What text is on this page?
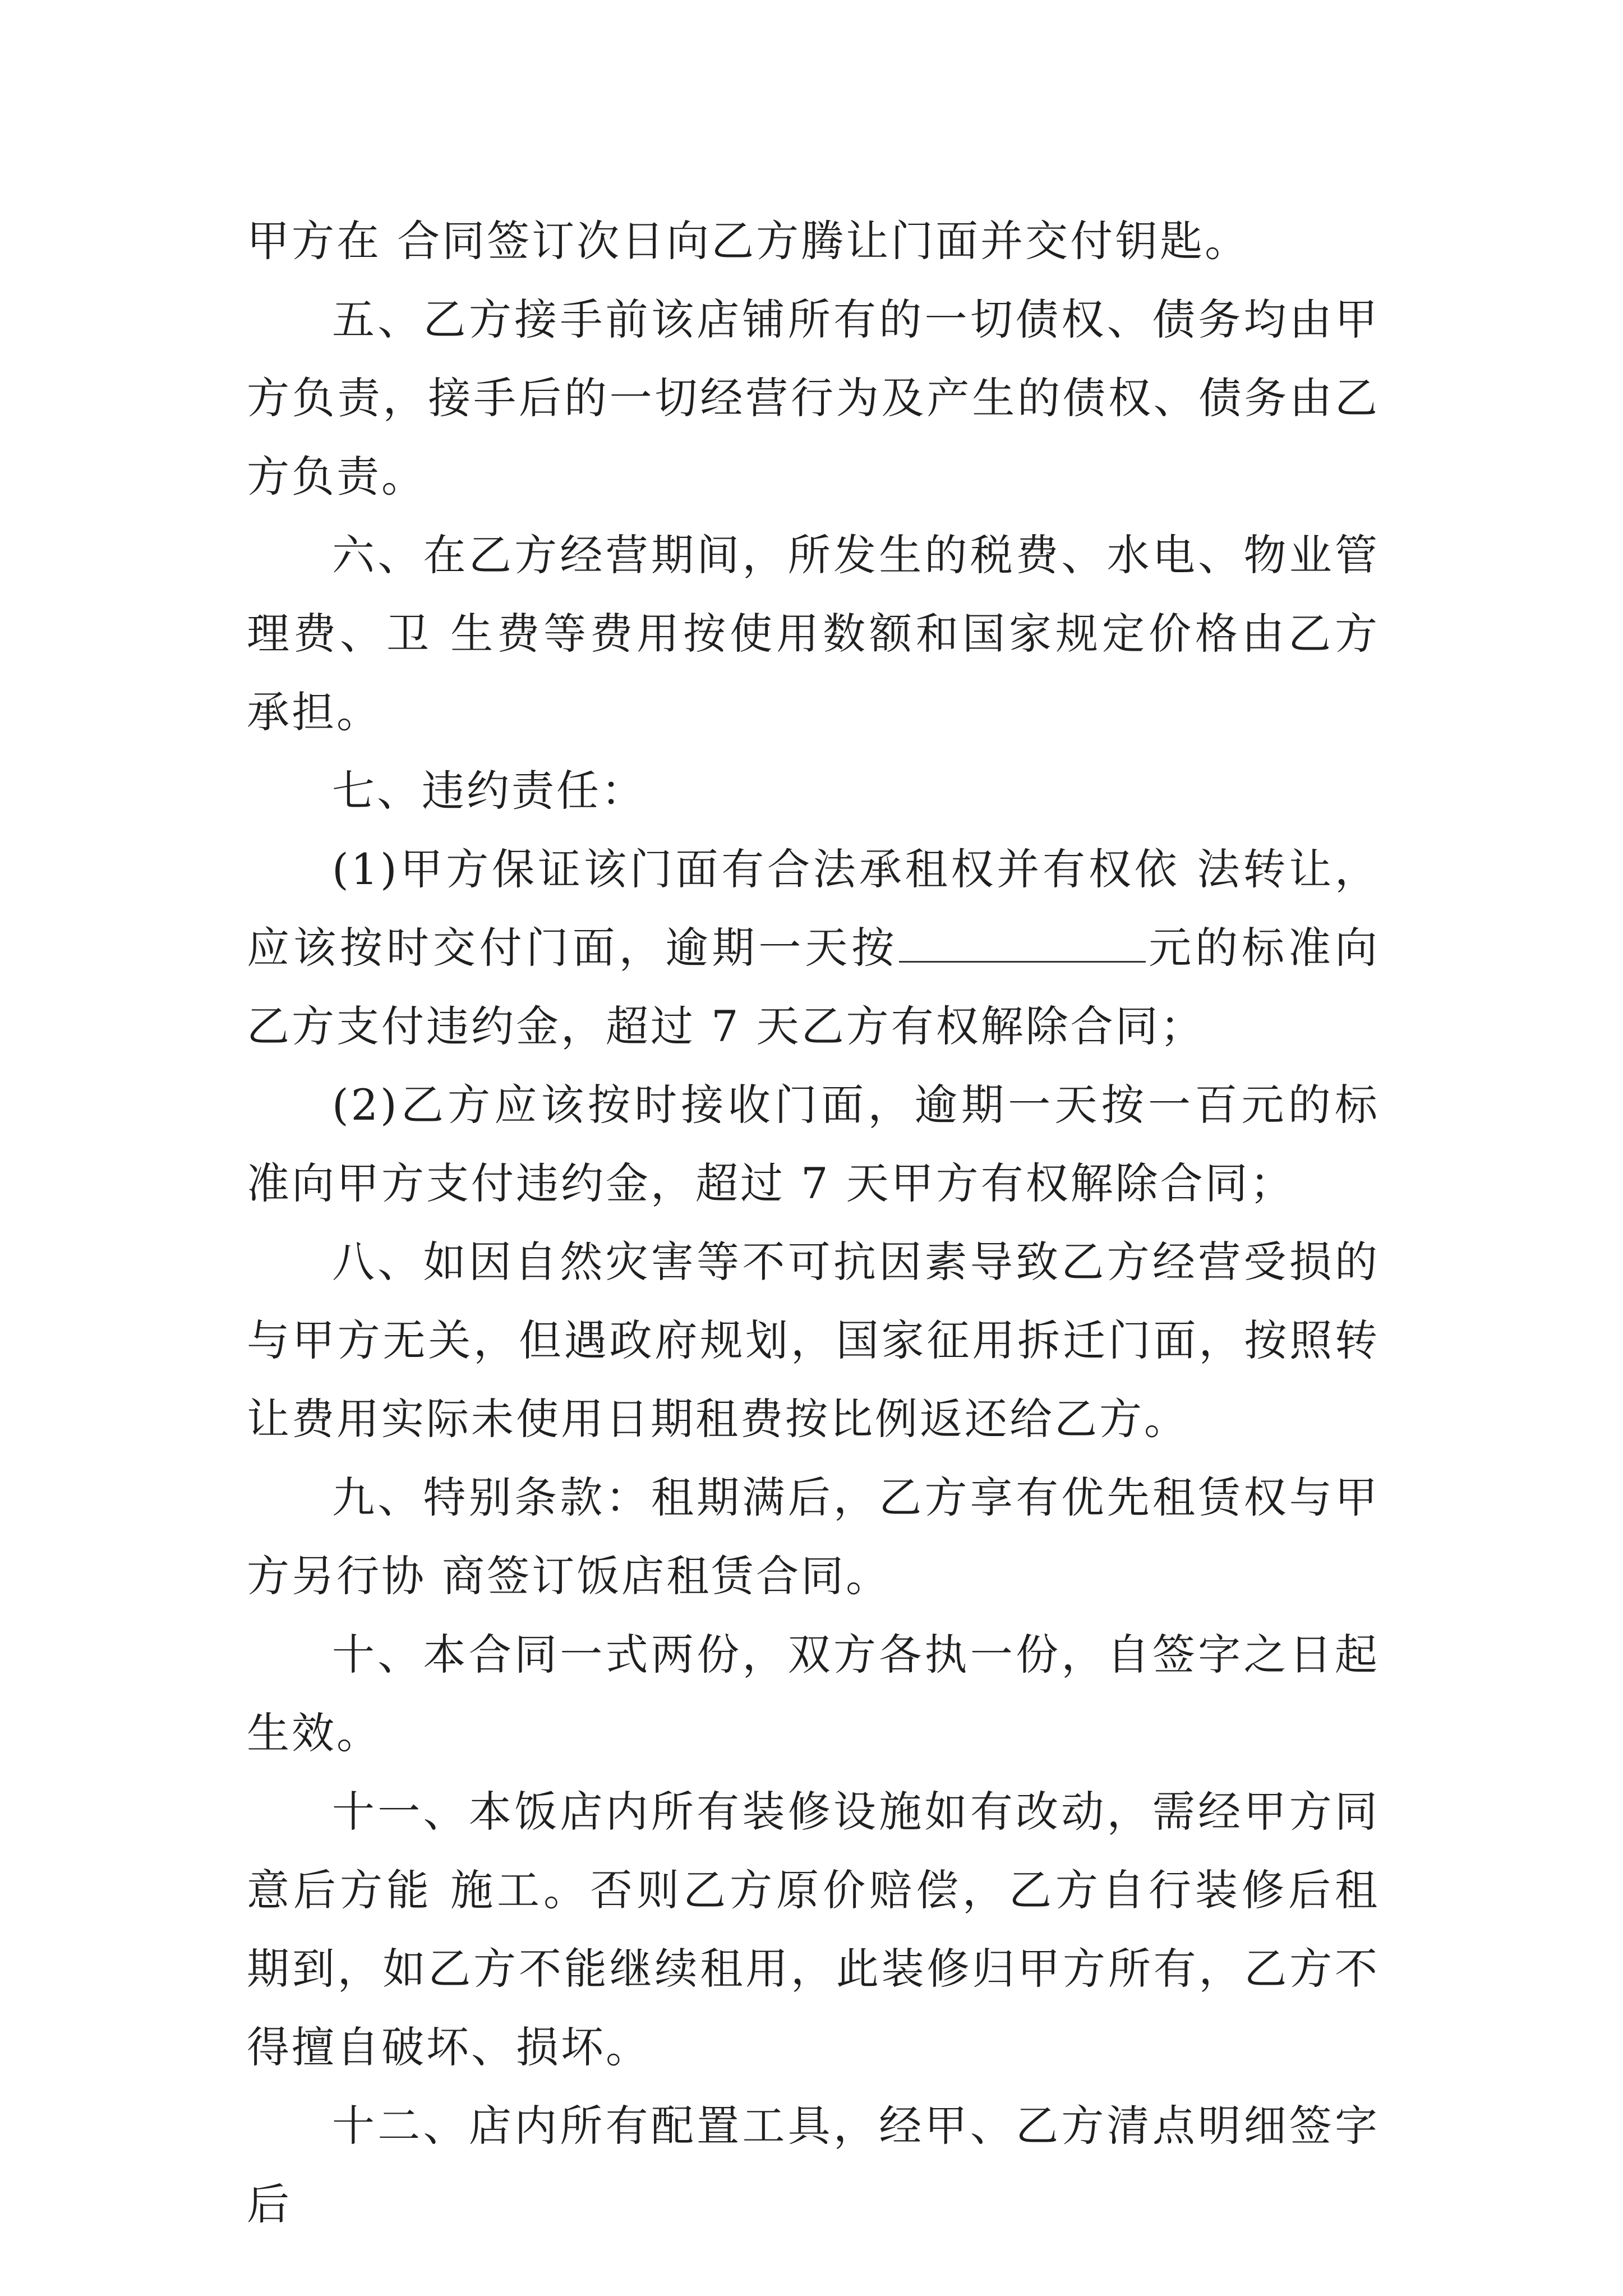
甲方在 合同签订次日向乙方腾让门面并交付钥匙。

五、乙方接手前该店铺所有的一切债权、债务均由甲方负责，接手后的一切经营行为及产生的债权、债务由乙方负责。

六、在乙方经营期间，所发生的税费、水电、物业管理费、卫 生费等费用按使用数额和国家规定价格由乙方承担。

七、违约责任：

(1)甲方保证该门面有合法承租权并有权依 法转让，应该按时交付门面，逾期一天按	元的标准向乙方支付违约金，超过 7 天乙方有权解除合同；

(2)乙方应该按时接收门面，逾期一天按一百元的标准向甲方支付违约金，超过 7 天甲方有权解除合同；

八、如因自然灾害等不可抗因素导致乙方经营受损的与甲方无关，但遇政府规划，国家征用拆迁门面，按照转让费用实际未使用日期租费按比例返还给乙方。

九、特别条款：租期满后，乙方享有优先租赁权与甲方另行协 商签订饭店租赁合同。

十、本合同一式两份，双方各执一份，自签字之日起生效。

十一、本饭店内所有装修设施如有改动，需经甲方同意后方能 施工。否则乙方原价赔偿，乙方自行装修后租期到，如乙方不能继续租用，此装修归甲方所有，乙方不得擅自破坏、损坏。

十二、店内所有配置工具，经甲、乙方清点明细签字后
